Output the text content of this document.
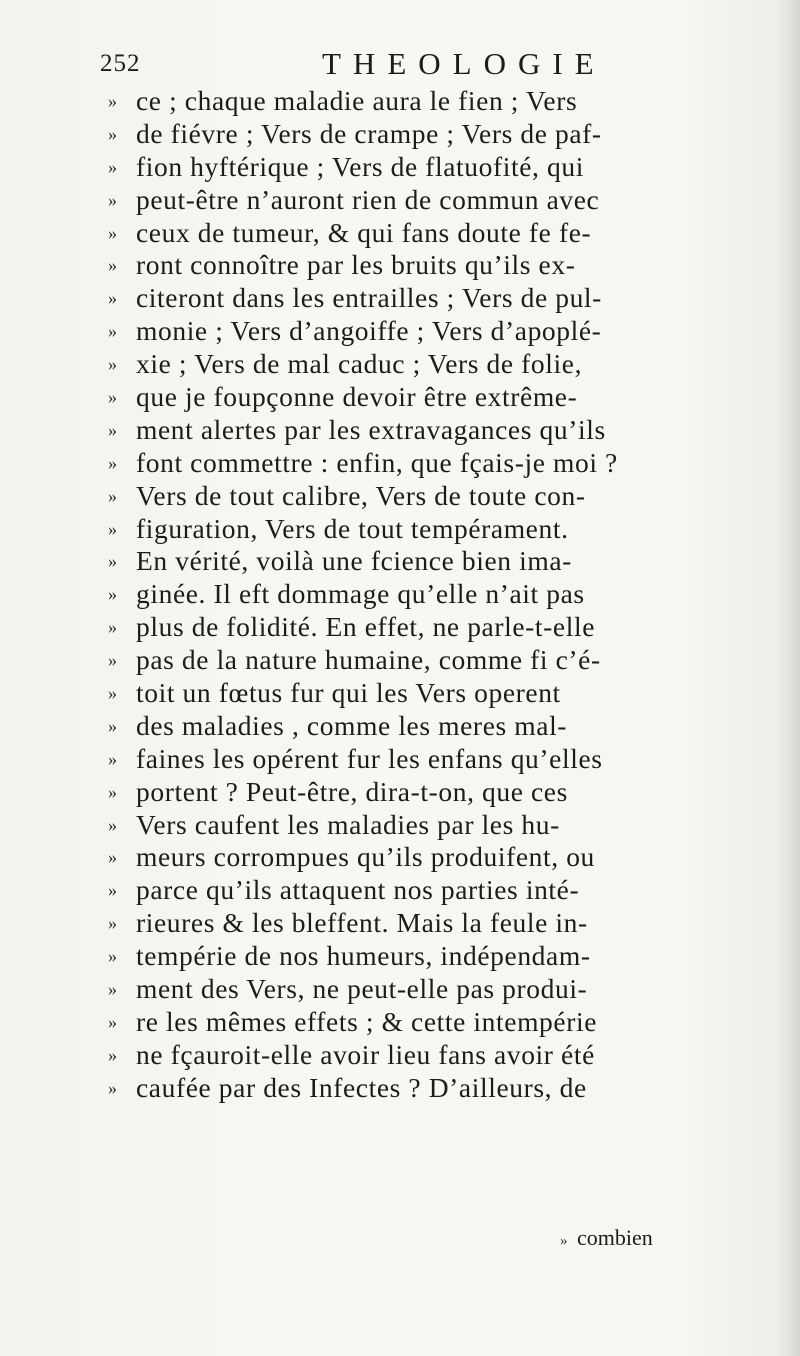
252	THEOLOGIE
» ce ; chaque maladie aura le fien ; Vers
» de fiévre ; Vers de crampe ; Vers de paf-
» fion hyftérique ; Vers de flatuofité, qui
» peut-être n’auront rien de commun avec
» ceux de tumeur, & qui fans doute fe fe-
» ront connoître par les bruits qu’ils ex-
» citeront dans les entrailles ; Vers de pul-
» monie ; Vers d’angoiffe ; Vers d’apoplé-
» xie ; Vers de mal caduc ; Vers de folie,
» que je foupçonne devoir être extrême-
» ment alertes par les extravagances qu’ils
» font commettre : enfin, que fçais-je moi ?
» Vers de tout calibre, Vers de toute con-
» figuration, Vers de tout tempérament.
» En vérité, voilà une fcience bien ima-
» ginée. Il eft dommage qu’elle n’ait pas
» plus de folidité. En effet, ne parle-t-elle
» pas de la nature humaine, comme fi c’é-
» toit un fœtus fur qui les Vers operent
» des maladies , comme les meres mal-
» faines les opérent fur les enfans qu’elles
» portent ? Peut-être, dira-t-on, que ces
» Vers caufent les maladies par les hu-
» meurs corrompues qu’ils produifent, ou
» parce qu’ils attaquent nos parties inté-
» rieures & les bleffent. Mais la feule in-
» tempérie de nos humeurs, indépendam-
» ment des Vers, ne peut-elle pas produi-
» re les mêmes effets ; & cette intempérie
» ne fçauroit-elle avoir lieu fans avoir été
» caufée par des Infectes ? D’ailleurs, de
» combien
